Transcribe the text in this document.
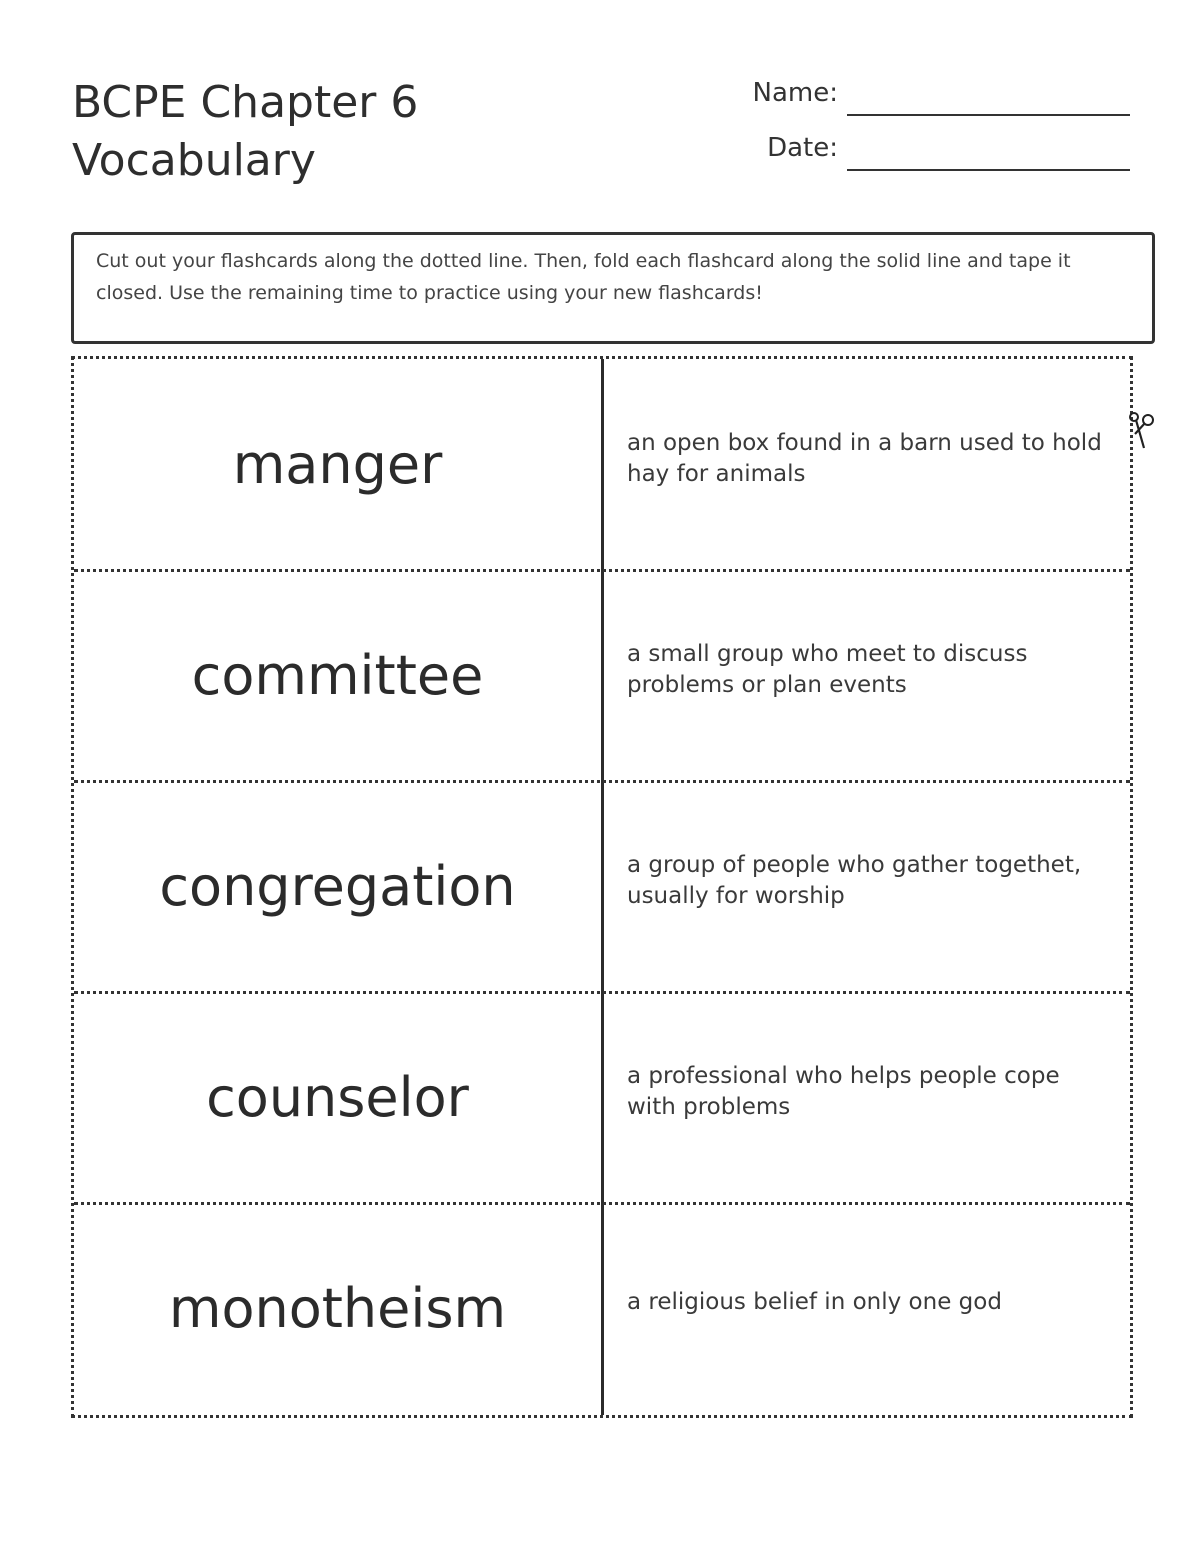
BCPE Chapter 6
Vocabulary
Name:
Date:
Cut out your flashcards along the dotted line. Then, fold each flashcard along the solid line and tape it closed. Use the remaining time to practice using your new flashcards!
manger	an open box found in a barn used to hold hay for animals
committee	a small group who meet to discuss problems or plan events
congregation	a group of people who gather togethet, usually for worship
counselor	a professional who helps people cope with problems
monotheism	a religious belief in only one god
